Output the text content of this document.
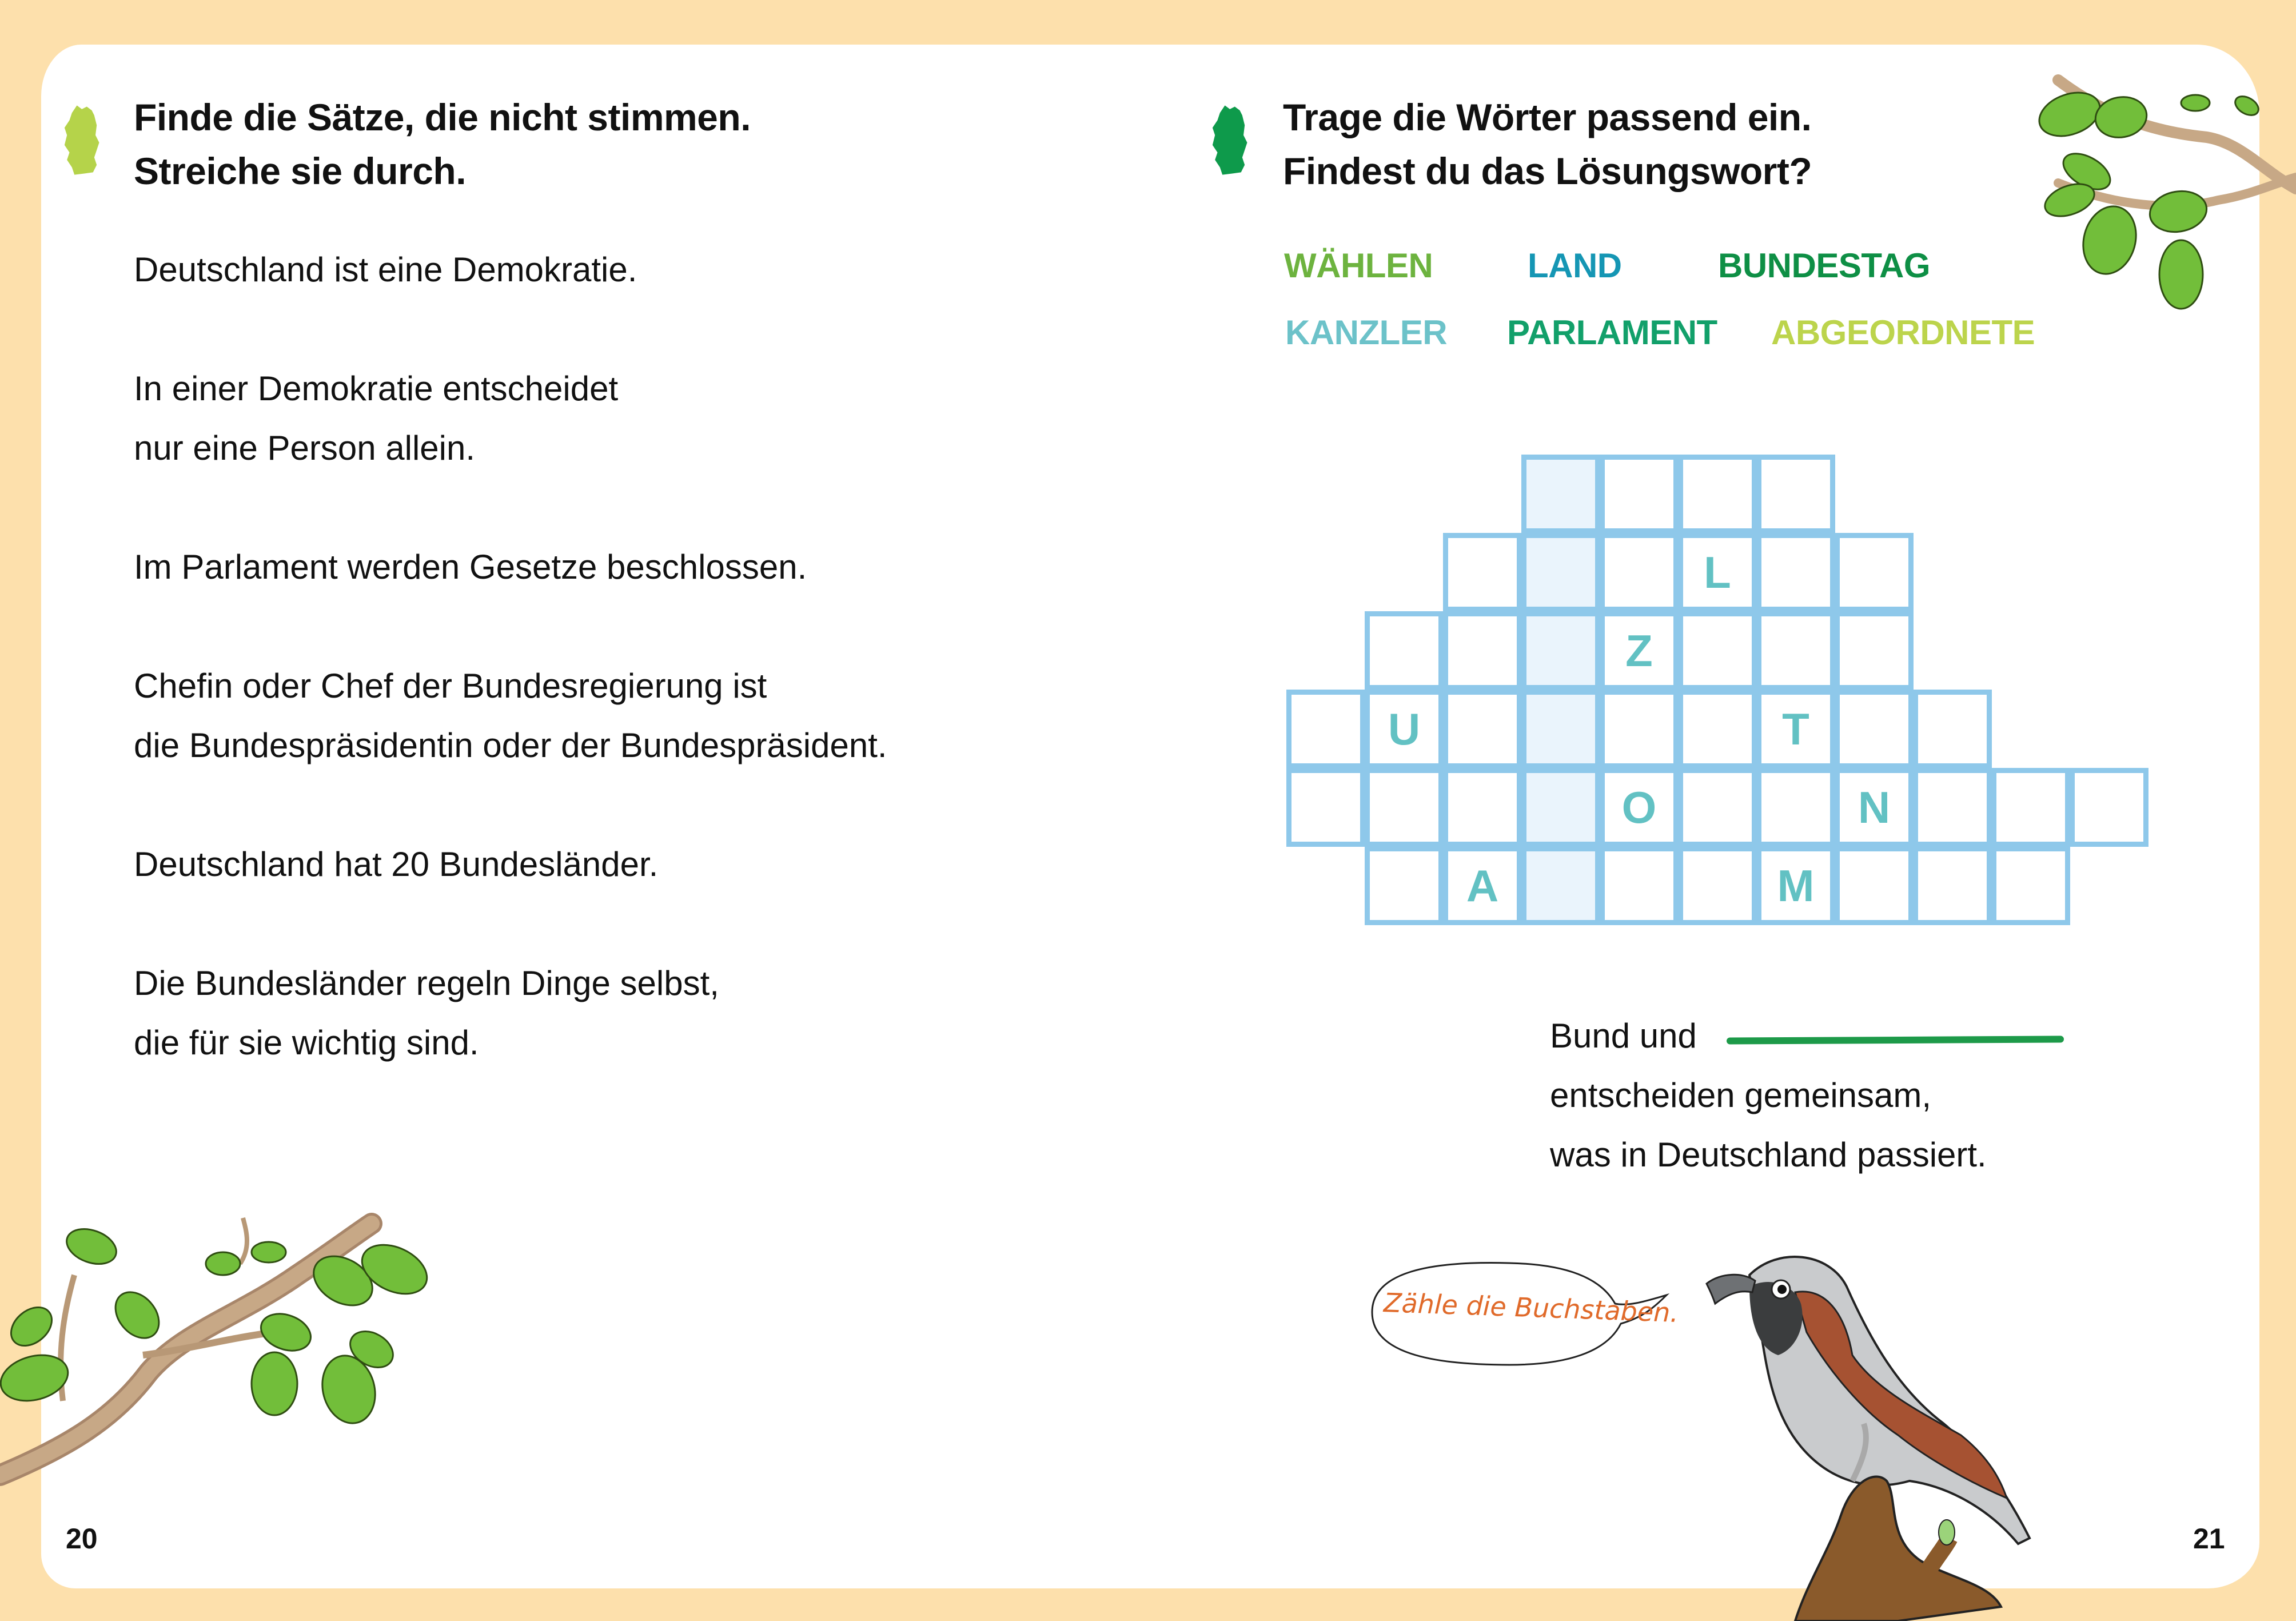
Finde die Sätze, die nicht stimmen.
Streiche sie durch.

Deutschland ist eine Demokratie.

In einer Demokratie entscheidet

nur eine Person allein.

Im Parlament werden Gesetze beschlossen.

Chefin oder Chef der Bundesregierung ist

die Bundespräsidentin oder der Bundespräsident.

Deutschland hat 20 Bundesländer.

Die Bundesländer regeln Dinge selbst,

die für sie wichtig sind.

20
Trage die Wörter passend ein.
Findest du das Lösungswort?
WÄHLEN	LAND	BUNDESTAG
KANZLER PARLAMENT ABGEORDNETE
L
Z
U	T
O	N
A	M

Bund und

entscheiden gemeinsam,

was in Deutschland passiert.

Zähle die Buchstaben.
21
